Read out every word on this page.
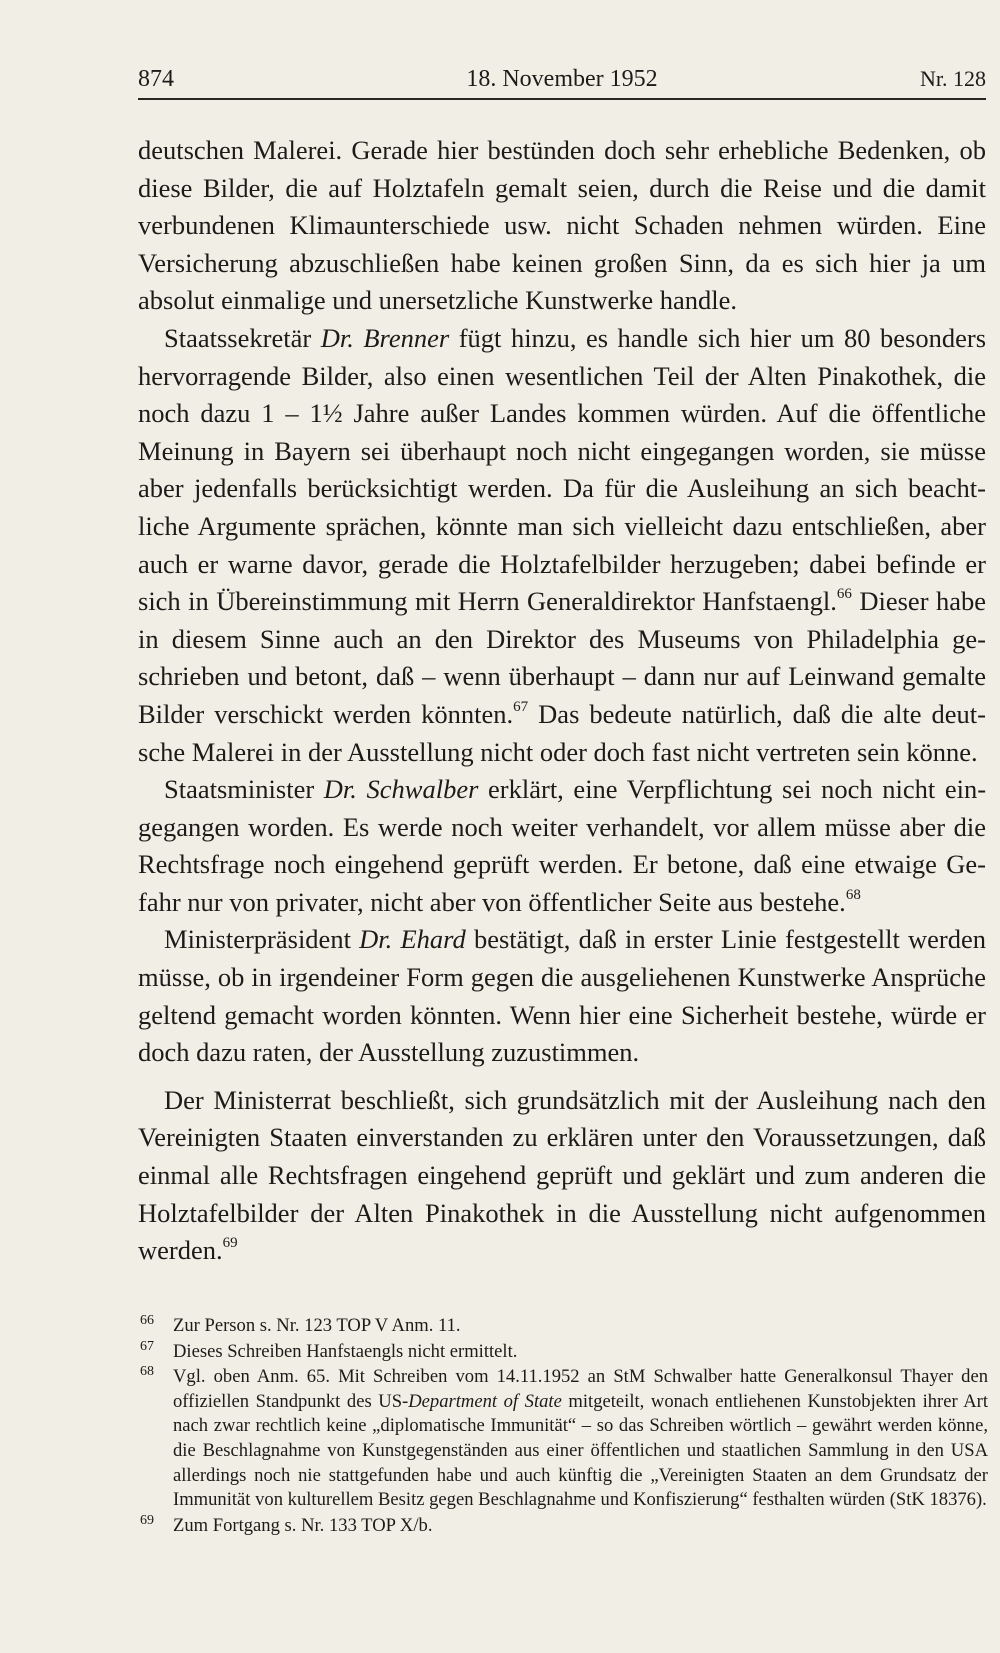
874	18. November 1952	Nr. 128

deutschen Malerei. Gerade hier bestünden doch sehr erhebliche Bedenken, ob diese Bilder, die auf Holztafeln gemalt seien, durch die Reise und die damit verbundenen Klimaunterschiede usw. nicht Schaden nehmen würden. Eine Versicherung abzuschließen habe keinen großen Sinn, da es sich hier ja um absolut einmalige und unersetzliche Kunstwerke handle.

Staatssekretär Dr. Brenner fügt hinzu, es handle sich hier um 80 besonders hervorragende Bilder, also einen wesentlichen Teil der Alten Pinakothek, die noch dazu 1 – 1½ Jahre außer Landes kommen würden. Auf die öffentliche Meinung in Bayern sei überhaupt noch nicht eingegangen worden, sie müsse aber jedenfalls berücksichtigt werden. Da für die Ausleihung an sich beachtliche Argumente sprächen, könnte man sich vielleicht dazu entschließen, aber auch er warne davor, gerade die Holztafelbilder herzugeben; dabei befinde er sich in Übereinstimmung mit Herrn Generaldirektor Hanfstaengl.$^{66}$ Dieser habe in diesem Sinne auch an den Direktor des Museums von Philadelphia geschrieben und betont, daß – wenn überhaupt – dann nur auf Leinwand gemalte Bilder verschickt werden könnten.$^{67}$ Das bedeute natürlich, daß die alte deutsche Malerei in der Ausstellung nicht oder doch fast nicht vertreten sein könne.

Staatsminister Dr. Schwalber erklärt, eine Verpflichtung sei noch nicht eingegangen worden. Es werde noch weiter verhandelt, vor allem müsse aber die Rechtsfrage noch eingehend geprüft werden. Er betone, daß eine etwaige Gefahr nur von privater, nicht aber von öffentlicher Seite aus bestehe.$^{68}$

Ministerpräsident Dr. Ehard bestätigt, daß in erster Linie festgestellt werden müsse, ob in irgendeiner Form gegen die ausgeliehenen Kunstwerke Ansprüche geltend gemacht worden könnten. Wenn hier eine Sicherheit bestehe, würde er doch dazu raten, der Ausstellung zuzustimmen.

Der Ministerrat beschließt, sich grundsätzlich mit der Ausleihung nach den Vereinigten Staaten einverstanden zu erklären unter den Voraussetzungen, daß einmal alle Rechtsfragen eingehend geprüft und geklärt und zum anderen die Holztafelbilder der Alten Pinakothek in die Ausstellung nicht aufgenommen werden.$^{69}$

66 Zur Person s. Nr. 123 TOP V Anm. 11.
67 Dieses Schreiben Hanfstaengls nicht ermittelt.
68 Vgl. oben Anm. 65. Mit Schreiben vom 14.11.1952 an StM Schwalber hatte Generalkonsul Thayer den offiziellen Standpunkt des US-Department of State mitgeteilt, wonach entliehenen Kunstobjekten ihrer Art nach zwar rechtlich keine „diplomatische Immunität“ – so das Schreiben wörtlich – gewährt werden könne, die Beschlagnahme von Kunstgegenständen aus einer öffentlichen und staatlichen Sammlung in den USA allerdings noch nie stattgefunden habe und auch künftig die „Vereinigten Staaten an dem Grundsatz der Immunität von kulturellem Besitz gegen Beschlagnahme und Konfiszierung“ festhalten würden (StK 18376).
69 Zum Fortgang s. Nr. 133 TOP X/b.
